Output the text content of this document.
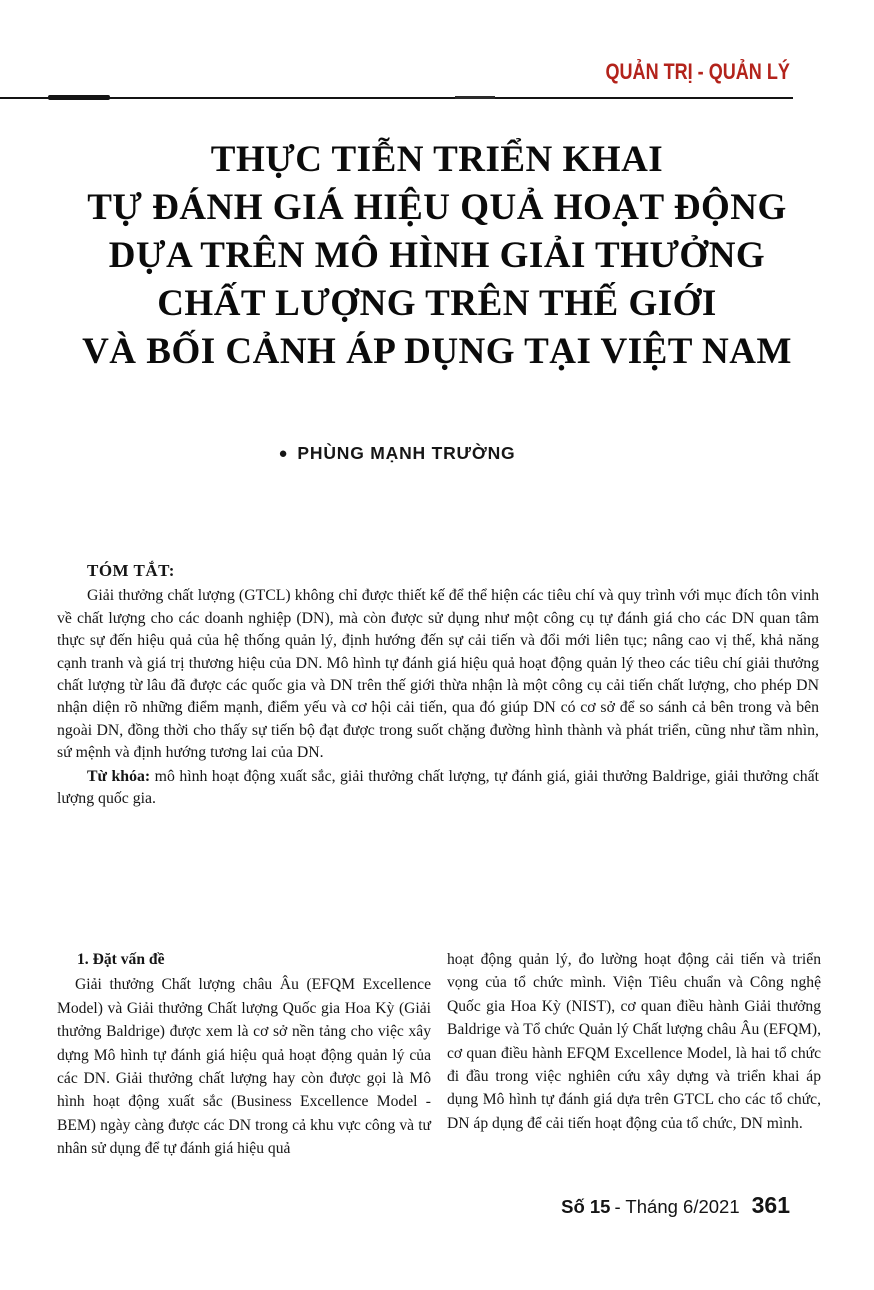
QUẢN TRỊ - QUẢN LÝ
THỰC TIỄN TRIỂN KHAI
TỰ ĐÁNH GIÁ HIỆU QUẢ HOẠT ĐỘNG
DỰA TRÊN MÔ HÌNH GIẢI THƯỞNG
CHẤT LƯỢNG TRÊN THẾ GIỚI
VÀ BỐI CẢNH ÁP DỤNG TẠI VIỆT NAM
● PHÙNG MẠNH TRƯỜNG

TÓM TẮT:

Giải thưởng chất lượng (GTCL) không chỉ được thiết kế để thể hiện các tiêu chí và quy trình với mục đích tôn vinh về chất lượng cho các doanh nghiệp (DN), mà còn được sử dụng như một công cụ tự đánh giá cho các DN quan tâm thực sự đến hiệu quả của hệ thống quản lý, định hướng đến sự cải tiến và đổi mới liên tục; nâng cao vị thế, khả năng cạnh tranh và giá trị thương hiệu của DN. Mô hình tự đánh giá hiệu quả hoạt động quản lý theo các tiêu chí giải thưởng chất lượng từ lâu đã được các quốc gia và DN trên thế giới thừa nhận là một công cụ cải tiến chất lượng, cho phép DN nhận diện rõ những điểm mạnh, điểm yếu và cơ hội cải tiến, qua đó giúp DN có cơ sở để so sánh cả bên trong và bên ngoài DN, đồng thời cho thấy sự tiến bộ đạt được trong suốt chặng đường hình thành và phát triển, cũng như tầm nhìn, sứ mệnh và định hướng tương lai của DN.

Từ khóa: mô hình hoạt động xuất sắc, giải thưởng chất lượng, tự đánh giá, giải thưởng Baldrige, giải thưởng chất lượng quốc gia.

1. Đặt vấn đề

Giải thưởng Chất lượng châu Âu (EFQM Excellence Model) và Giải thưởng Chất lượng Quốc gia Hoa Kỳ (Giải thưởng Baldrige) được xem là cơ sở nền tảng cho việc xây dựng Mô hình tự đánh giá hiệu quả hoạt động quản lý của các DN. Giải thưởng chất lượng hay còn được gọi là Mô hình hoạt động xuất sắc (Business Excellence Model - BEM) ngày càng được các DN trong cả khu vực công và tư nhân sử dụng để tự đánh giá hiệu quả

hoạt động quản lý, đo lường hoạt động cải tiến và triển vọng của tổ chức mình. Viện Tiêu chuẩn và Công nghệ Quốc gia Hoa Kỳ (NIST), cơ quan điều hành Giải thưởng Baldrige và Tổ chức Quản lý Chất lượng châu Âu (EFQM), cơ quan điều hành EFQM Excellence Model, là hai tổ chức đi đầu trong việc nghiên cứu xây dựng và triển khai áp dụng Mô hình tự đánh giá dựa trên GTCL cho các tổ chức, DN áp dụng để cải tiến hoạt động của tổ chức, DN mình.

Số 15 - Tháng 6/2021 361
